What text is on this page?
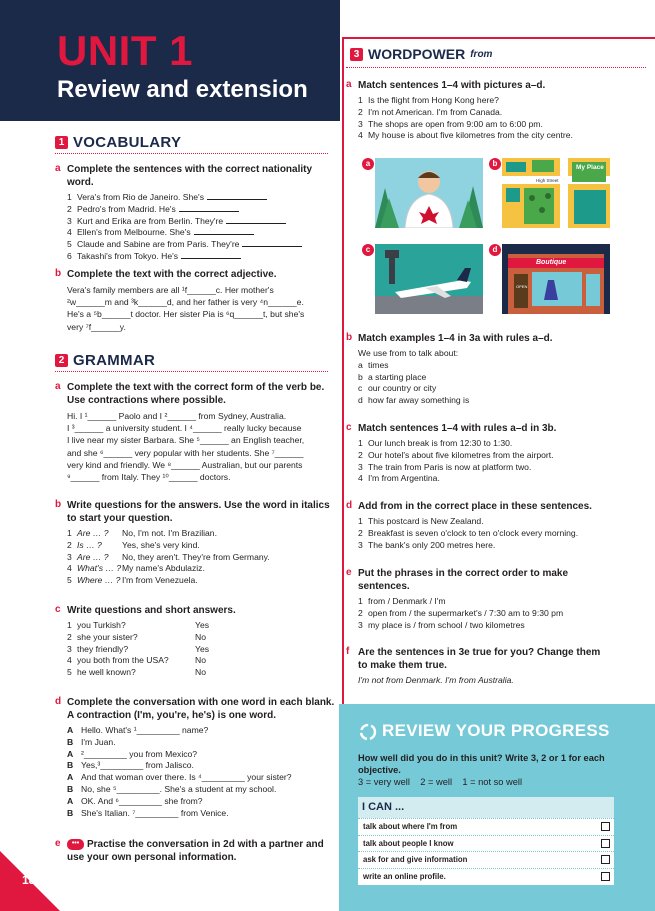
UNIT 1
Review and extension
1 VOCABULARY
a Complete the sentences with the correct nationality word.
1 Vera's from Rio de Janeiro. She's
2 Pedro's from Madrid. He's
3 Kurt and Erika are from Berlin. They're
4 Ellen's from Melbourne. She's
5 Claude and Sabine are from Paris. They're
6 Takashi's from Tokyo. He's
b Complete the text with the correct adjective.
Vera's family members are all ¹f______c. Her mother's
²w______m and ³k______d, and her father is very ⁴n______e.
He's a ⁵b______t doctor. Her sister Pia is ⁶q______t, but she's
very ⁷f______y.
2 GRAMMAR
a Complete the text with the correct form of the verb be. Use contractions where possible.
Hi. I ¹______ Paolo and I ²______ from Sydney, Australia.
I ³______ a university student. I ⁴______ really lucky because
I live near my sister Barbara. She ⁵______ an English teacher,
and she ⁶______ very popular with her students. She ⁷______
very kind and friendly. We ⁸______ Australian, but our parents
⁹______ from Italy. They ¹⁰______ doctors.
b Write questions for the answers. Use the word in italics to start your question.
1 Are … ? No, I'm not. I'm Brazilian.
2 Is … ? Yes, she's very kind.
3 Are … ? No, they aren't. They're from Germany.
4 What's … ? My name's Abdulaziz.
5 Where … ? I'm from Venezuela.
c Write questions and short answers.
1 you Turkish?	Yes
2 she your sister?	No
3 they friendly?	Yes
4 you both from the USA?	No
5 he well known?	No
d Complete the conversation with one word in each blank. A contraction (I'm, you're, he's) is one word.
A Hello. What's ¹_________ name?
B I'm Juan.
A ²_________ you from Mexico?
B Yes,³_________ from Jalisco.
A And that woman over there. Is ⁴_________ your sister?
B No, she ⁵_________. She's a student at my school.
A OK. And ⁶_________ she from?
B She's Italian. ⁷_________ from Venice.
e	••• Practise the conversation in 2d with a partner and use your own personal information.
18
3 WORDPOWER from
a Match sentences 1–4 with pictures a–d.
1 Is the flight from Hong Kong here?
2 I'm not American. I'm from Canada.
3 The shops are open from 9:00 am to 6:00 pm.
4 My house is about five kilometres from the city centre.
a	My Place
High Street
b
c
Boutique
OPEN
d
b Match examples 1–4 in 3a with rules a–d.
We use from to talk about:
a times
b a starting place
c our country or city
d how far away something is
c Match sentences 1–4 with rules a–d in 3b.
1 Our lunch break is from 12:30 to 1:30.
2 Our hotel's about five kilometres from the airport.
3 The train from Paris is now at platform two.
4 I'm from Argentina.
d Add from in the correct place in these sentences.
1 This postcard is New Zealand.
2 Breakfast is seven o'clock to ten o'clock every morning.
3 The bank's only 200 metres here.
e Put the phrases in the correct order to make sentences.
1 from / Denmark / I'm
2 open from / the supermarket's / 7:30 am to 9:30 pm
3 my place is / from school / two kilometres
f Are the sentences in 3e true for you? Change them to make them true.
I'm not from Denmark. I'm from Australia.
REVIEW YOUR PROGRESS
How well did you do in this unit? Write 3, 2 or 1 for each objective.
3 = very well    2 = well    1 = not so well
I CAN ...
talk about where I'm from
talk about people I know
ask for and give information
write an online profile.
